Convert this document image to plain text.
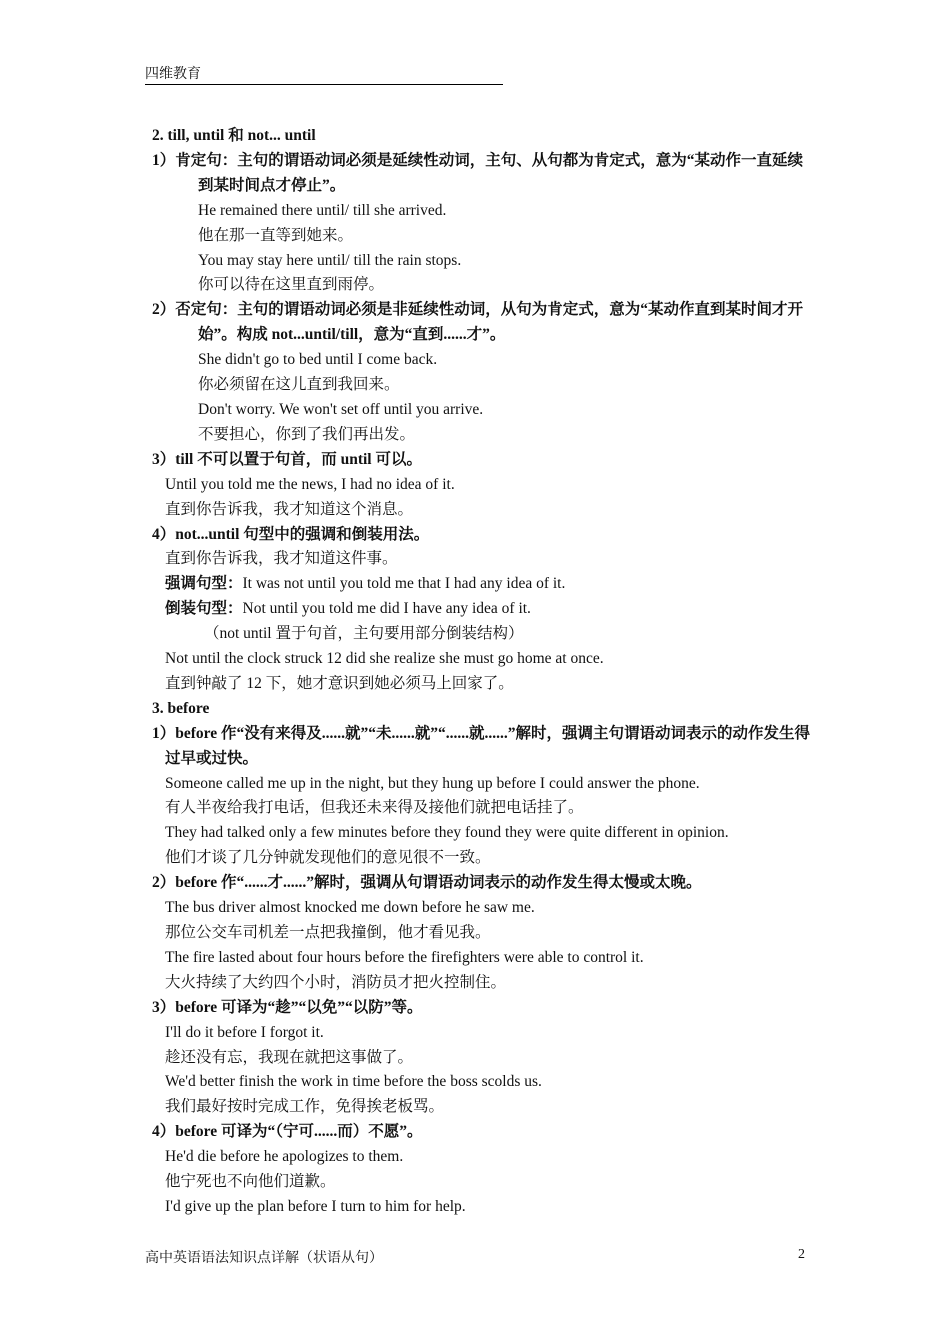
四维教育
2. till, until 和 not... until
1）肯定句：主句的谓语动词必须是延续性动词，主句、从句都为肯定式，意为“某动作一直延续到某时间点才停止”。
He remained there until/ till she arrived.
他在那一直等到她来。
You may stay here until/ till the rain stops.
你可以待在这里直到雨停。
2）否定句：主句的谓语动词必须是非延续性动词，从句为肯定式，意为“某动作直到某时间才开始”。构成 not...until/till，意为“直到......才”。
She didn't go to bed until I come back.
你必须留在这儿直到我回来。
Don't worry. We won't set off until you arrive.
不要担心，你到了我们再出发。
3）till 不可以置于句首，而 until 可以。
Until you told me the news, I had no idea of it.
直到你告诉我，我才知道这个消息。
4）not...until 句型中的强调和倒装用法。
直到你告诉我，我才知道这件事。
强调句型：It was not until you told me that I had any idea of it.
倒装句型：Not until you told me did I have any idea of it.
（not until 置于句首，主句要用部分倒装结构）
Not until the clock struck 12 did she realize she must go home at once.
直到钟敲了 12 下，她才意识到她必须马上回家了。
3. before
1）before 作“没有来得及......就”“未......就”“......就......”解时，强调主句谓语动词表示的动作发生得过早或过快。
Someone called me up in the night, but they hung up before I could answer the phone.
有人半夜给我打电话，但我还未来得及接他们就把电话挂了。
They had talked only a few minutes before they found they were quite different in opinion.
他们才谈了几分钟就发现他们的意见很不一致。
2）before 作“......才......”解时，强调从句谓语动词表示的动作发生得太慢或太晚。
The bus driver almost knocked me down before he saw me.
那位公交车司机差一点把我撞倒，他才看见我。
The fire lasted about four hours before the firefighters were able to control it.
大火持续了大约四个小时，消防员才把火控制住。
3）before 可译为“趁”“以免”“以防”等。
I'll do it before I forgot it.
趁还没有忘，我现在就把这事做了。
We'd better finish the work in time before the boss scolds us.
我们最好按时完成工作，免得挨老板骂。
4）before 可译为“（宁可......而）不愿”。
He'd die before he apologizes to them.
他宁死也不向他们道歉。
I'd give up the plan before I turn to him for help.
高中英语语法知识点详解（状语从句）	2
